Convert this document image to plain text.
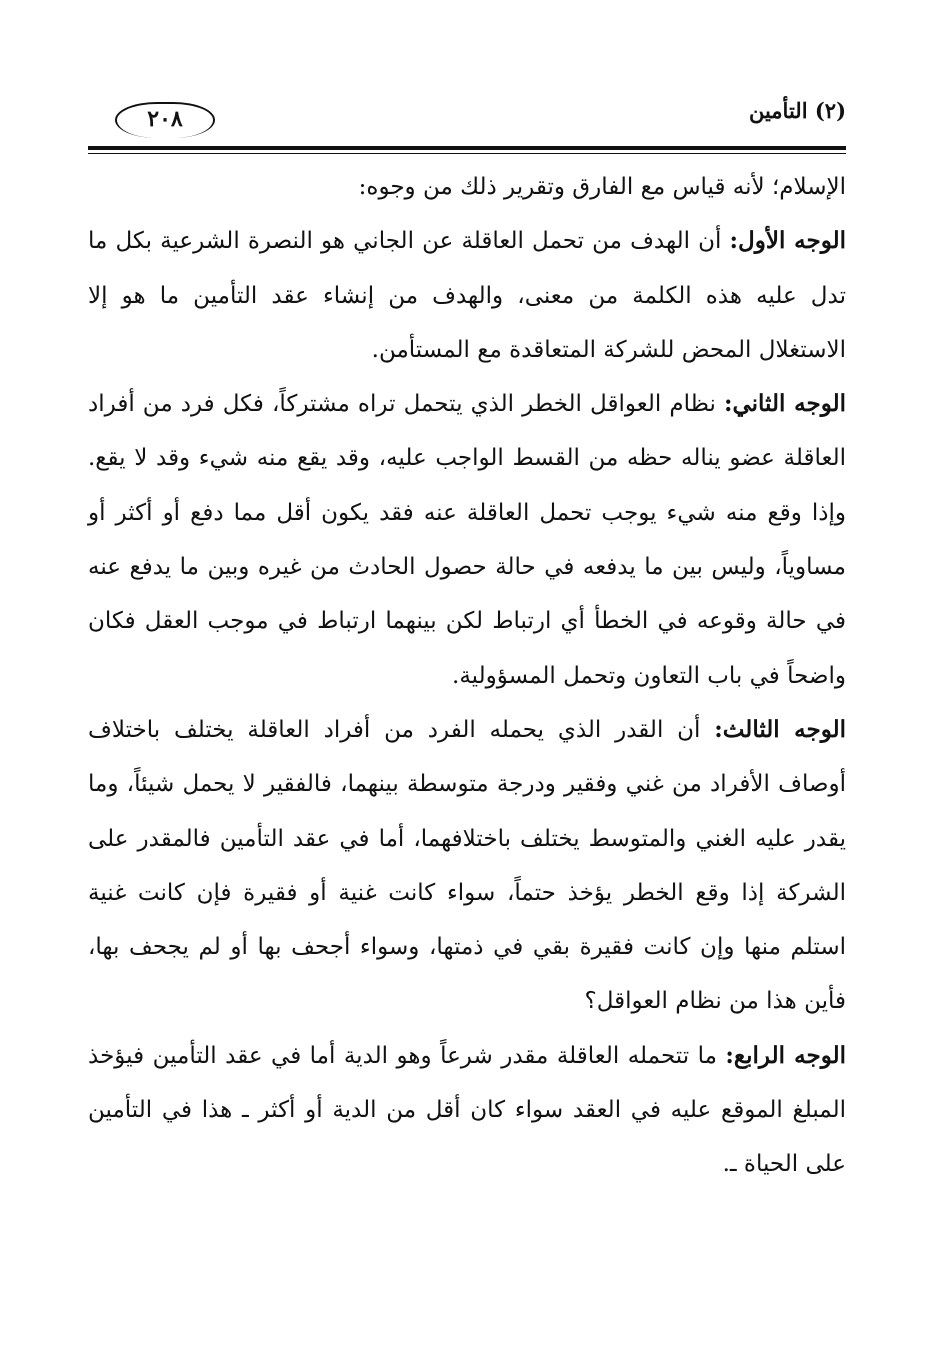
٢٠٨	(٢) التأمين

الإسلام؛ لأنه قياس مع الفارق وتقرير ذلك من وجوه:

الوجه الأول: أن الهدف من تحمل العاقلة عن الجاني هو النصرة الشرعية بكل ما تدل عليه هذه الكلمة من معنى، والهدف من إنشاء عقد التأمين ما هو إلا الاستغلال المحض للشركة المتعاقدة مع المستأمن.

الوجه الثاني: نظام العواقل الخطر الذي يتحمل تراه مشتركاً، فكل فرد من أفراد العاقلة عضو يناله حظه من القسط الواجب عليه، وقد يقع منه شيء وقد لا يقع. وإذا وقع منه شيء يوجب تحمل العاقلة عنه فقد يكون أقل مما دفع أو أكثر أو مساوياً، وليس بين ما يدفعه في حالة حصول الحادث من غيره وبين ما يدفع عنه في حالة وقوعه في الخطأ أي ارتباط لكن بينهما ارتباط في موجب العقل فكان واضحاً في باب التعاون وتحمل المسؤولية.

الوجه الثالث: أن القدر الذي يحمله الفرد من أفراد العاقلة يختلف باختلاف أوصاف الأفراد من غني وفقير ودرجة متوسطة بينهما، فالفقير لا يحمل شيئاً، وما يقدر عليه الغني والمتوسط يختلف باختلافهما، أما في عقد التأمين فالمقدر على الشركة إذا وقع الخطر يؤخذ حتماً، سواء كانت غنية أو فقيرة فإن كانت غنية استلم منها وإن كانت فقيرة بقي في ذمتها، وسواء أجحف بها أو لم يجحف بها، فأين هذا من نظام العواقل؟

الوجه الرابع: ما تتحمله العاقلة مقدر شرعاً وهو الدية أما في عقد التأمين فيؤخذ المبلغ الموقع عليه في العقد سواء كان أقل من الدية أو أكثر ـ هذا في التأمين على الحياة ـ.
